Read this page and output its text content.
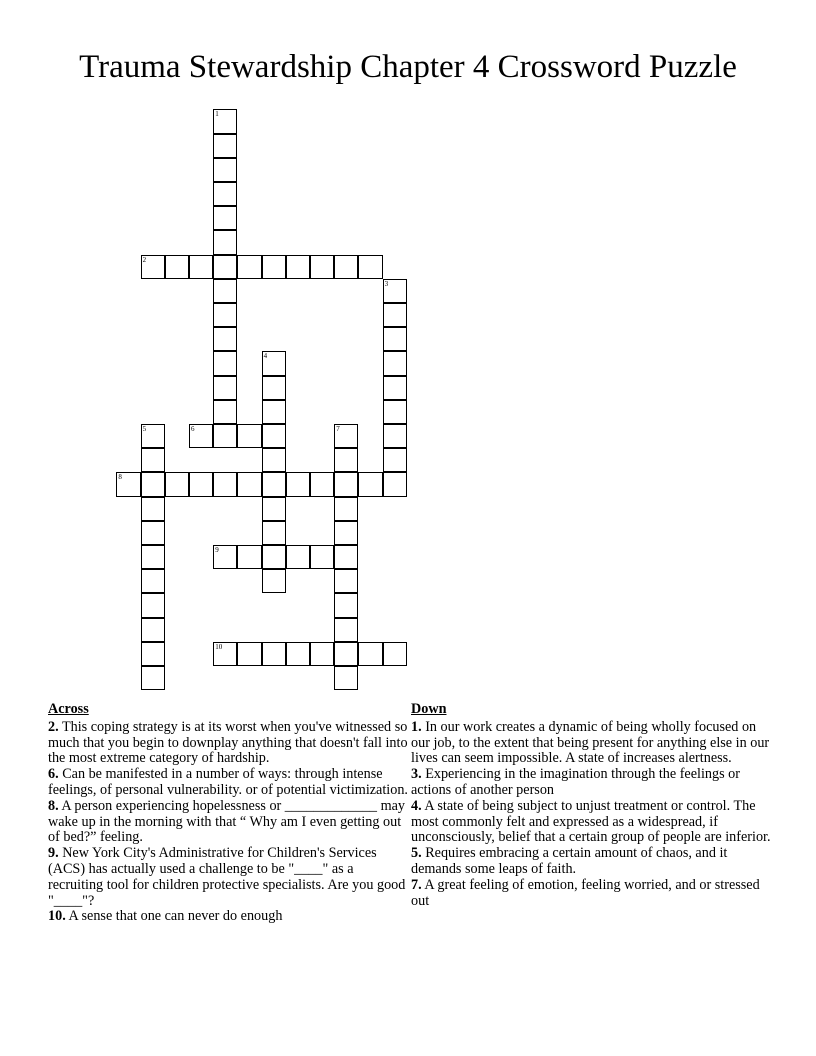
Trauma Stewardship Chapter 4 Crossword Puzzle
1
2
3
4
5	6	7
8
9
10
Across

2. This coping strategy is at its worst when you've witnessed so much that you begin to downplay anything that doesn't fall into the most extreme category of hardship.

6. Can be manifested in a number of ways: through intense feelings, of personal vulnerability. or of potential victimization.

8. A person experiencing hopelessness or _____________ may wake up in the morning with that “ Why am I even getting out of bed?” feeling.

9. New York City's Administrative for Children's Services (ACS) has actually used a challenge to be "____" as a recruiting tool for children protective specialists. Are you good "____"?

10. A sense that one can never do enough

Down

1. In our work creates a dynamic of being wholly focused on our job, to the extent that being present for anything else in our lives can seem impossible. A state of increases alertness.

3. Experiencing in the imagination through the feelings or actions of another person

4. A state of being subject to unjust treatment or control. The most commonly felt and expressed as a widespread, if unconsciously, belief that a certain group of people are inferior.

5. Requires embracing a certain amount of chaos, and it demands some leaps of faith.

7. A great feeling of emotion, feeling worried, and or stressed out
